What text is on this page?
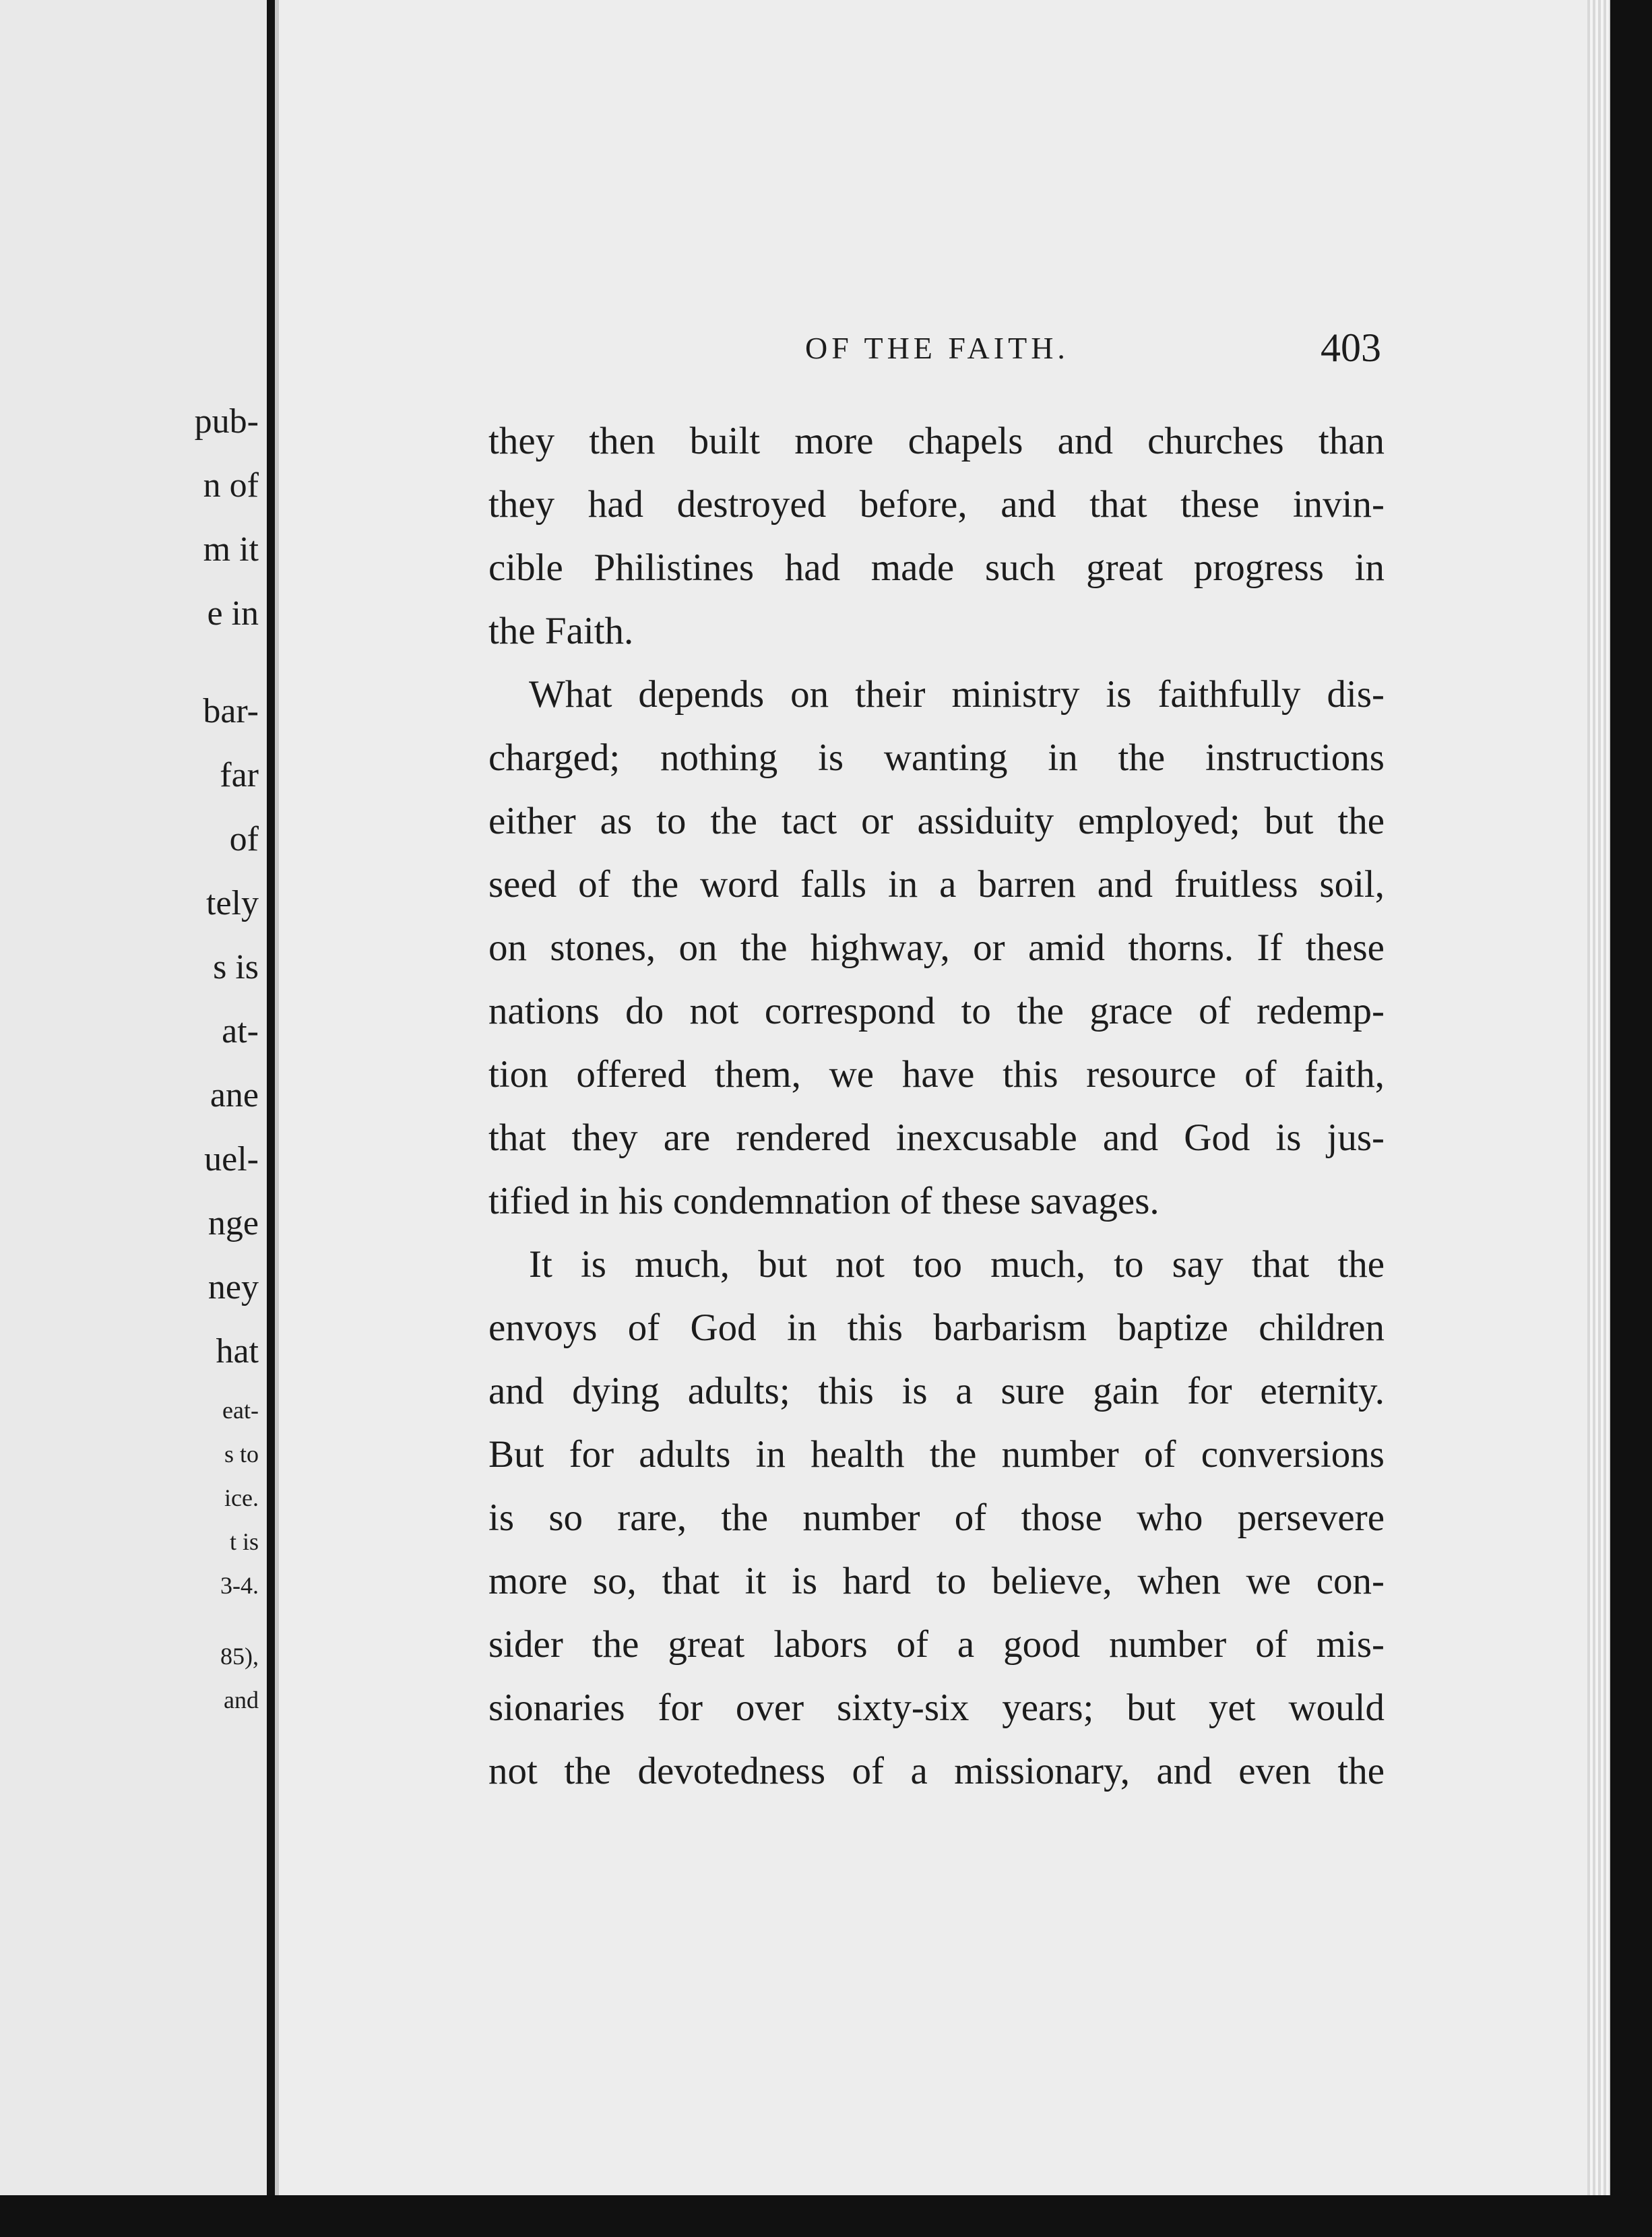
pub-
n of
m it
e in
bar-
far
of
tely
s is
at-
ane
uel-
nge
ney
hat
eat-
s to
ice.
t is
3-4.
85),
and
OF THE FAITH.	403
they then built more chapels and churches than
they had destroyed before, and that these invin-
cible Philistines had made such great progress in
the Faith.
What depends on their ministry is faithfully dis-
charged; nothing is wanting in the instructions
either as to the tact or assiduity employed; but the
seed of the word falls in a barren and fruitless soil,
on stones, on the highway, or amid thorns. If these
nations do not correspond to the grace of redemp-
tion offered them, we have this resource of faith,
that they are rendered inexcusable and God is jus-
tified in his condemnation of these savages.
It is much, but not too much, to say that the
envoys of God in this barbarism baptize children
and dying adults; this is a sure gain for eternity.
But for adults in health the number of conversions
is so rare, the number of those who persevere
more so, that it is hard to believe, when we con-
sider the great labors of a good number of mis-
sionaries for over sixty-six years; but yet would
not the devotedness of a missionary, and even the
